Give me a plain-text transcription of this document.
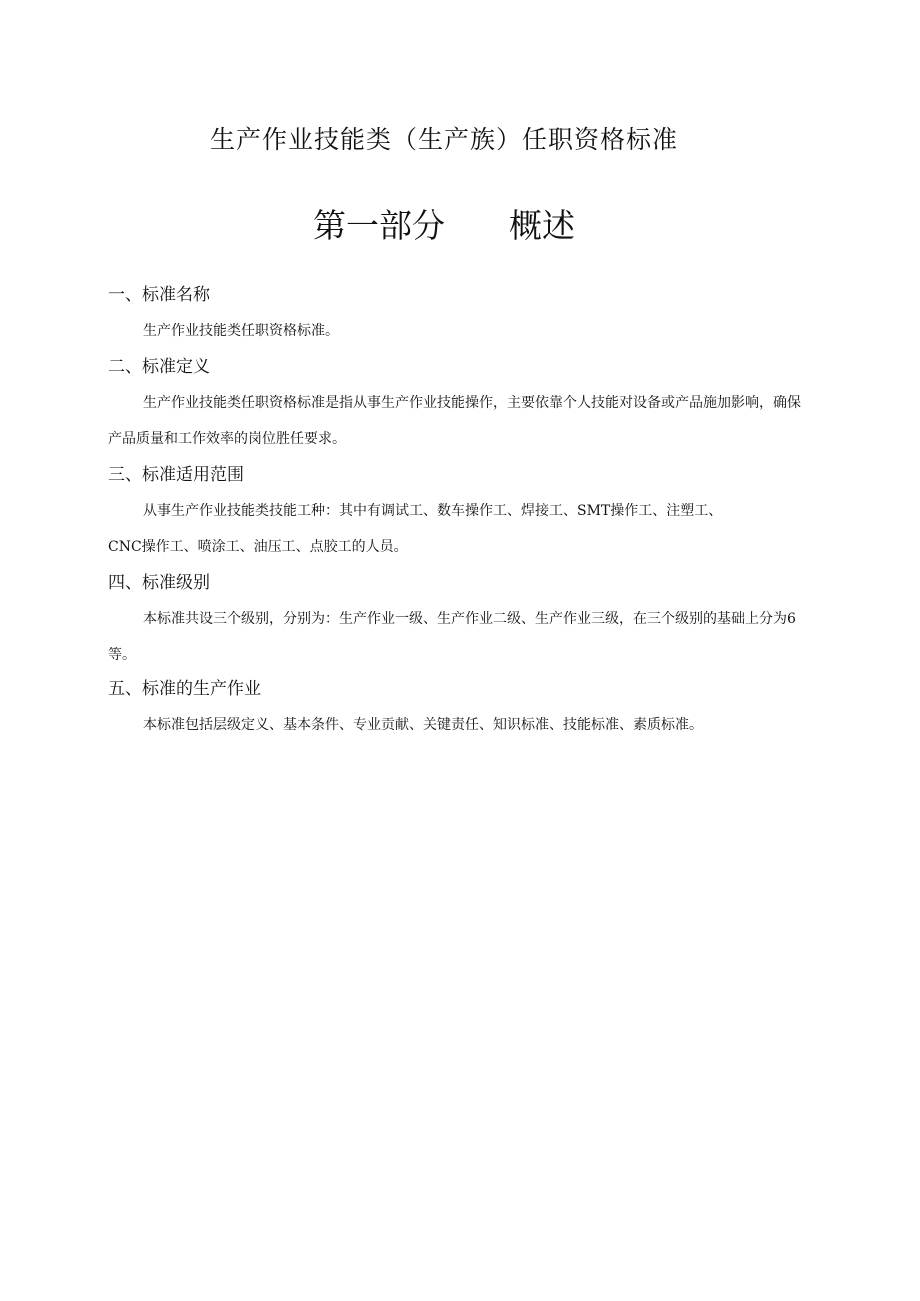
生产作业技能类（生产族）任职资格标准
第一部分 概述
一、标准名称
生产作业技能类任职资格标准。
二、标准定义
生产作业技能类任职资格标准是指从事生产作业技能操作，主要依靠个人技能对设备或产品施加影响，确保产品质量和工作效率的岗位胜任要求。
三、标准适用范围
从事生产作业技能类技能工种：其中有调试工、数车操作工、焊接工、SMT操作工、注塑工、
CNC操作工、喷涂工、油压工、点胶工的人员。
四、标准级别
本标准共设三个级别，分别为：生产作业一级、生产作业二级、生产作业三级，在三个级别的基础上分为6等。
五、标准的生产作业
本标准包括层级定义、基本条件、专业贡献、关键责任、知识标准、技能标准、素质标准。
